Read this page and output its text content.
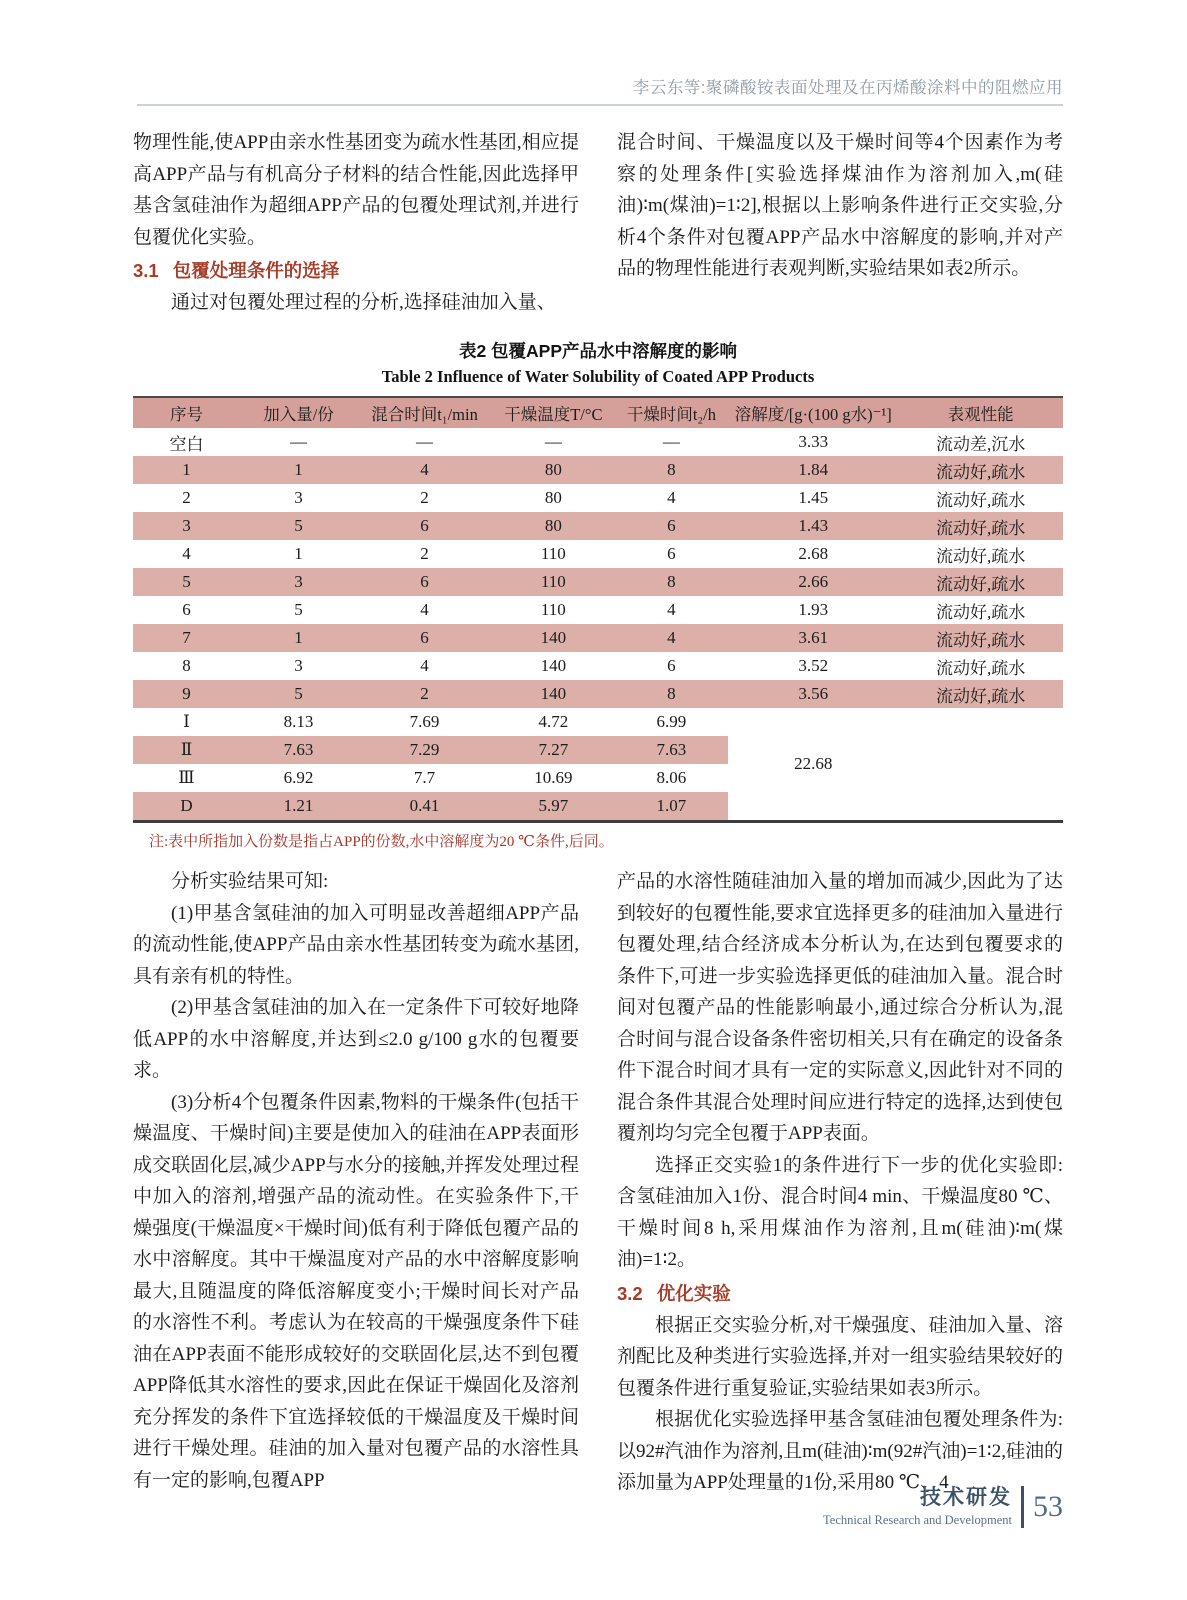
李云东等:聚磷酸铵表面处理及在丙烯酸涂料中的阻燃应用

物理性能,使APP由亲水性基团变为疏水性基团,相应提高APP产品与有机高分子材料的结合性能,因此选择甲基含氢硅油作为超细APP产品的包覆处理试剂,并进行包覆优化实验。

3.1 包覆处理条件的选择

通过对包覆处理过程的分析,选择硅油加入量、

混合时间、干燥温度以及干燥时间等4个因素作为考察的处理条件[实验选择煤油作为溶剂加入,m(硅油)∶m(煤油)=1∶2],根据以上影响条件进行正交实验,分析4个条件对包覆APP产品水中溶解度的影响,并对产品的物理性能进行表观判断,实验结果如表2所示。

表2 包覆APP产品水中溶解度的影响
Table 2 Influence of Water Solubility of Coated APP Products
序号	加入量/份	混合时间t₁/min	干燥温度T/°C	干燥时间t₂/h	溶解度/[g·(100 g水)⁻¹]	表观性能
空白	—	—	—	—	3.33	流动差,沉水
1	1	4	80	8	1.84	流动好,疏水
2	3	2	80	4	1.45	流动好,疏水
3	5	6	80	6	1.43	流动好,疏水
4	1	2	110	6	2.68	流动好,疏水
5	3	6	110	8	2.66	流动好,疏水
6	5	4	110	4	1.93	流动好,疏水
7	1	6	140	4	3.61	流动好,疏水
8	3	4	140	6	3.52	流动好,疏水
9	5	2	140	8	3.56	流动好,疏水
Ⅰ	8.13	7.69	4.72	6.99	22.68	
Ⅱ	7.63	7.29	7.27	7.63		
Ⅲ	6.92	7.7	10.69	8.06		
D	1.21	0.41	5.97	1.07		
注:表中所指加入份数是指占APP的份数,水中溶解度为20 ℃条件,后同。

分析实验结果可知:

(1)甲基含氢硅油的加入可明显改善超细APP产品的流动性能,使APP产品由亲水性基团转变为疏水基团,具有亲有机的特性。

(2)甲基含氢硅油的加入在一定条件下可较好地降低APP的水中溶解度,并达到≤2.0 g/100 g水的包覆要求。

(3)分析4个包覆条件因素,物料的干燥条件(包括干燥温度、干燥时间)主要是使加入的硅油在APP表面形成交联固化层,减少APP与水分的接触,并挥发处理过程中加入的溶剂,增强产品的流动性。在实验条件下,干燥强度(干燥温度×干燥时间)低有利于降低包覆产品的水中溶解度。其中干燥温度对产品的水中溶解度影响最大,且随温度的降低溶解度变小;干燥时间长对产品的水溶性不利。考虑认为在较高的干燥强度条件下硅油在APP表面不能形成较好的交联固化层,达不到包覆APP降低其水溶性的要求,因此在保证干燥固化及溶剂充分挥发的条件下宜选择较低的干燥温度及干燥时间进行干燥处理。硅油的加入量对包覆产品的水溶性具有一定的影响,包覆APP

产品的水溶性随硅油加入量的增加而减少,因此为了达到较好的包覆性能,要求宜选择更多的硅油加入量进行包覆处理,结合经济成本分析认为,在达到包覆要求的条件下,可进一步实验选择更低的硅油加入量。混合时间对包覆产品的性能影响最小,通过综合分析认为,混合时间与混合设备条件密切相关,只有在确定的设备条件下混合时间才具有一定的实际意义,因此针对不同的混合条件其混合处理时间应进行特定的选择,达到使包覆剂均匀完全包覆于APP表面。

选择正交实验1的条件进行下一步的优化实验即:含氢硅油加入1份、混合时间4 min、干燥温度80 ℃、干燥时间8 h,采用煤油作为溶剂,且m(硅油)∶m(煤油)=1∶2。

3.2 优化实验

根据正交实验分析,对干燥强度、硅油加入量、溶剂配比及种类进行实验选择,并对一组实验结果较好的包覆条件进行重复验证,实验结果如表3所示。

根据优化实验选择甲基含氢硅油包覆处理条件为:以92#汽油作为溶剂,且m(硅油)∶m(92#汽油)=1∶2,硅油的添加量为APP处理量的1份,采用80 ℃、4

技术研发
Technical Research and Development 53
